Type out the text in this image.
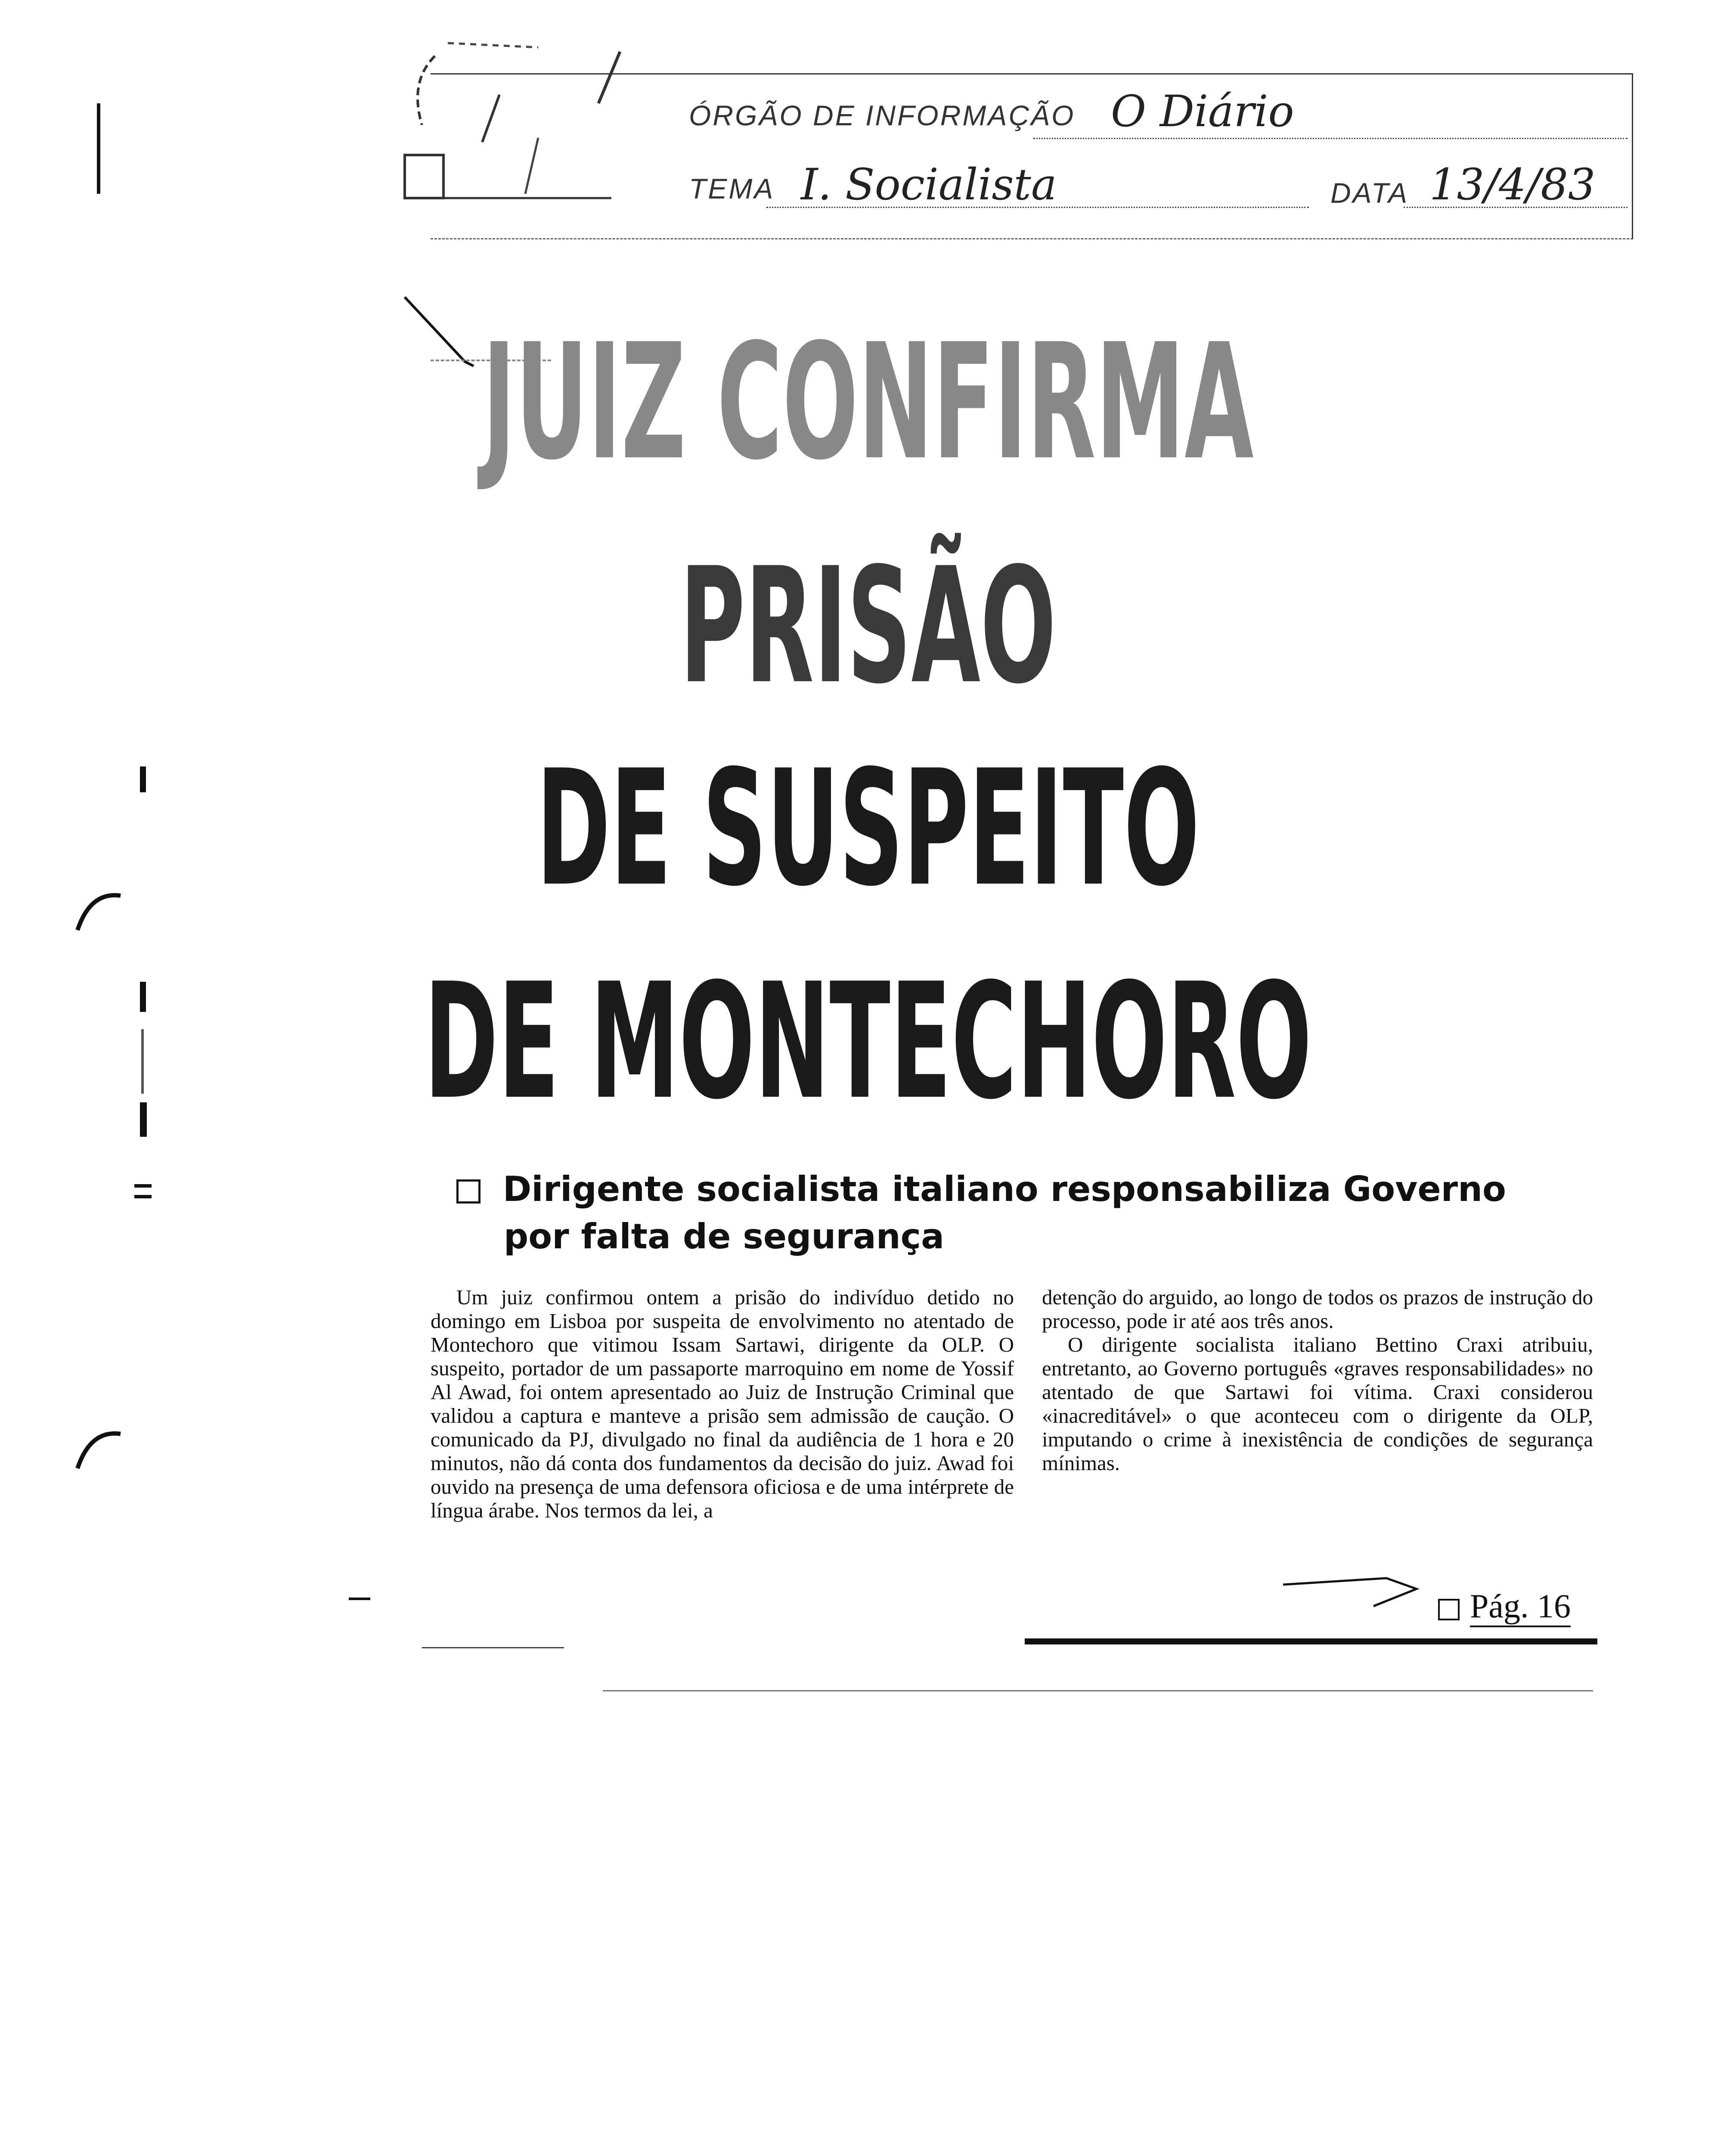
ÓRGÃO DE INFORMAÇÃO O Diário
TEMA I. Socialista	DATA 13/4/83
JUIZ CONFIRMA
PRISÃO
DE SUSPEITO
DE MONTECHORO
Dirigente socialista italiano responsabiliza Governo
por falta de segurança

Um juiz confirmou ontem a prisão do indivíduo detido no domingo em Lisboa por suspeita de envolvimento no atentado de Montechoro que vitimou Issam Sartawi, dirigente da OLP. O suspeito, portador de um passaporte marroquino em nome de Yossif Al Awad, foi ontem apresentado ao Juiz de Instrução Criminal que validou a captura e manteve a prisão sem admissão de caução. O comunicado da PJ, divulgado no final da audiência de 1 hora e 20 minutos, não dá conta dos fundamentos da decisão do juiz. Awad foi ouvido na presença de uma defensora oficiosa e de uma intérprete de língua árabe. Nos termos da lei, a

detenção do arguido, ao longo de todos os prazos de instrução do processo, pode ir até aos três anos.

O dirigente socialista italiano Bettino Craxi atribuiu, entretanto, ao Governo português «graves responsabilidades» no atentado de que Sartawi foi vítima. Craxi considerou «inacreditável» o que aconteceu com o dirigente da OLP, imputando o crime à inexistência de condições de segurança mínimas.

Pág. 16
